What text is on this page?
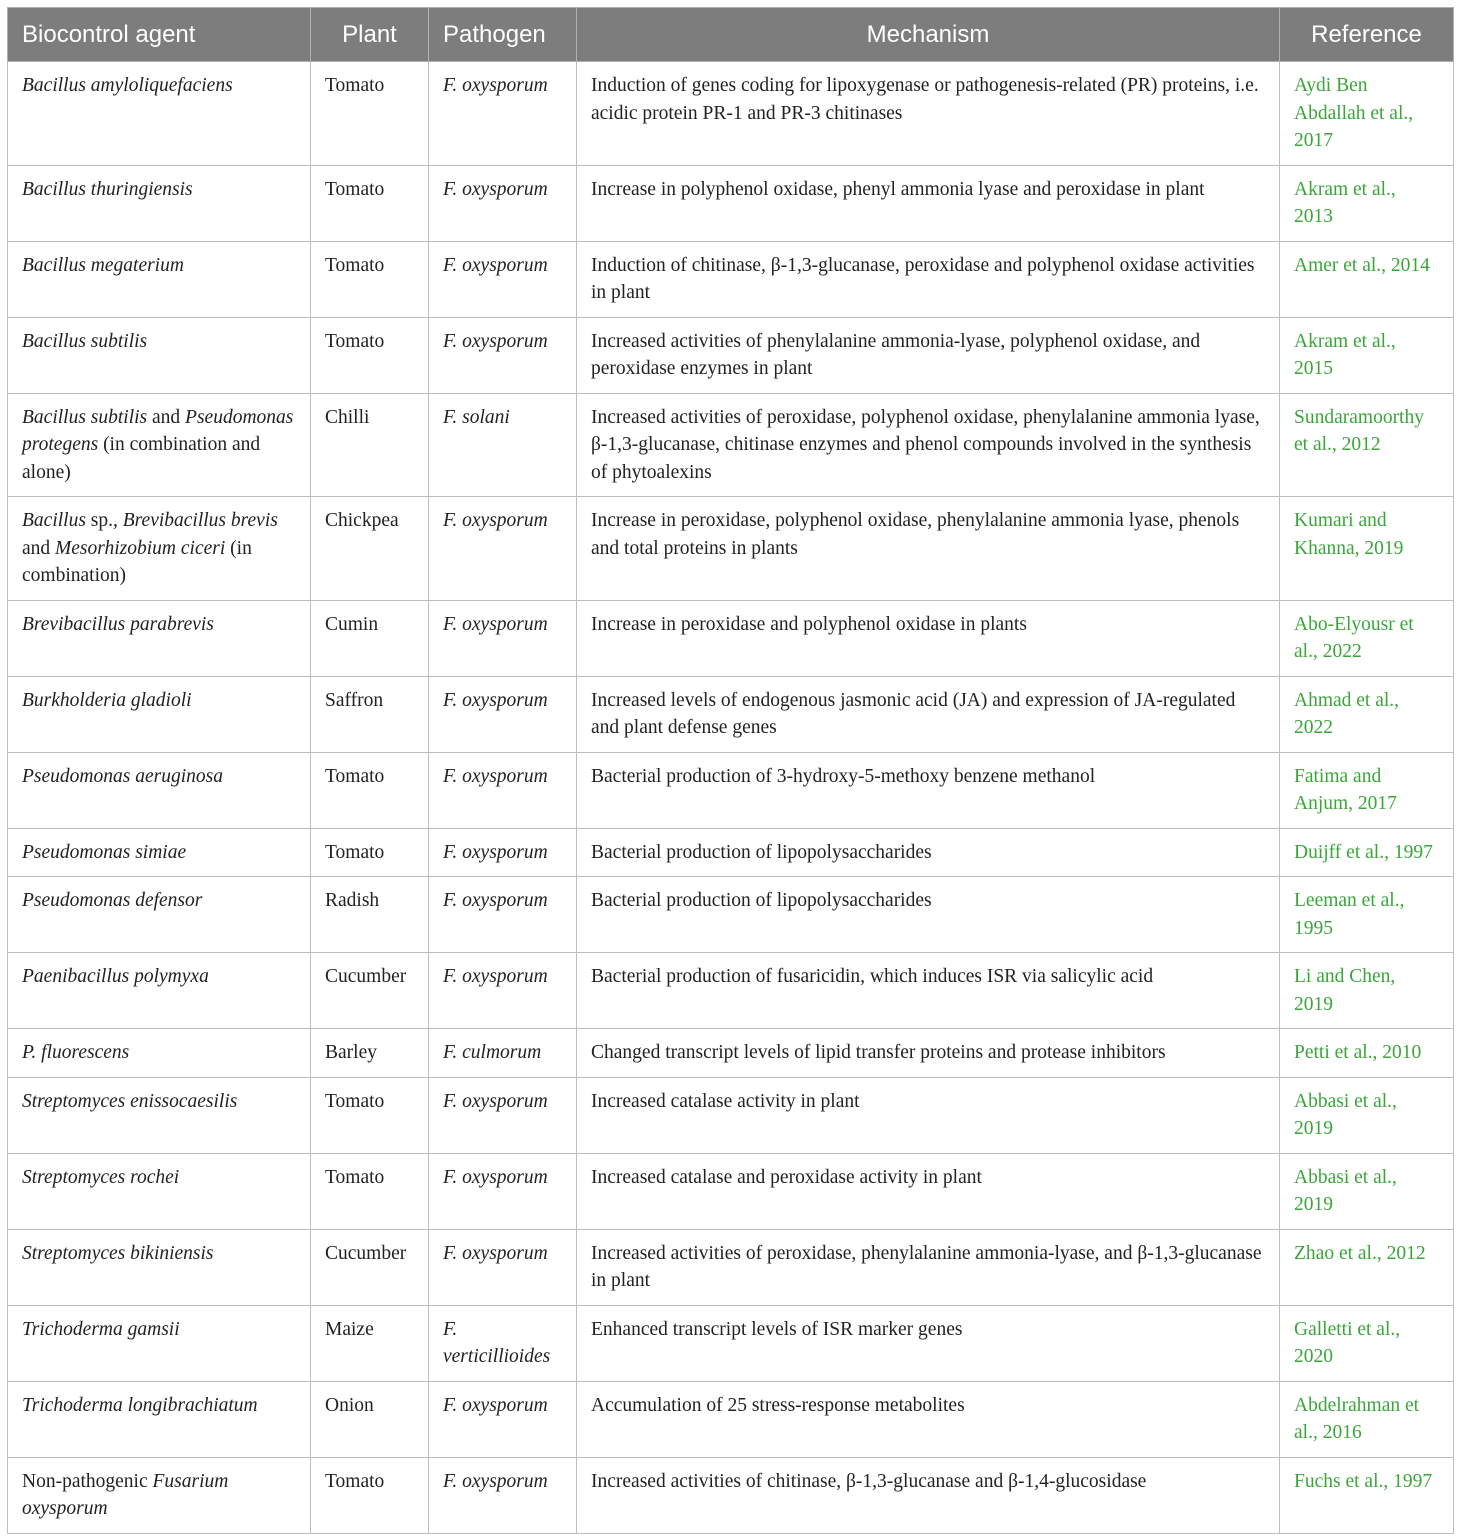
Biocontrol agent	Plant	Pathogen	Mechanism	Reference
Bacillus amyloliquefaciens	Tomato	F. oxysporum	Induction of genes coding for lipoxygenase or pathogenesis-related (PR) proteins, i.e. acidic protein PR-1 and PR-3 chitinases	Aydi Ben Abdallah et al., 2017
Bacillus thuringiensis	Tomato	F. oxysporum	Increase in polyphenol oxidase, phenyl ammonia lyase and peroxidase in plant	Akram et al., 2013
Bacillus megaterium	Tomato	F. oxysporum	Induction of chitinase, β-1,3-glucanase, peroxidase and polyphenol oxidase activities in plant	Amer et al., 2014
Bacillus subtilis	Tomato	F. oxysporum	Increased activities of phenylalanine ammonia-lyase, polyphenol oxidase, and peroxidase enzymes in plant	Akram et al., 2015
Bacillus subtilis and Pseudomonas protegens (in combination and alone)	Chilli	F. solani	Increased activities of peroxidase, polyphenol oxidase, phenylalanine ammonia lyase, β-1,3-glucanase, chitinase enzymes and phenol compounds involved in the synthesis of phytoalexins	Sundaramoorthy et al., 2012
Bacillus sp., Brevibacillus brevis and Mesorhizobium ciceri (in combination)	Chickpea	F. oxysporum	Increase in peroxidase, polyphenol oxidase, phenylalanine ammonia lyase, phenols and total proteins in plants	Kumari and Khanna, 2019
Brevibacillus parabrevis	Cumin	F. oxysporum	Increase in peroxidase and polyphenol oxidase in plants	Abo-Elyousr et al., 2022
Burkholderia gladioli	Saffron	F. oxysporum	Increased levels of endogenous jasmonic acid (JA) and expression of JA-regulated and plant defense genes	Ahmad et al., 2022
Pseudomonas aeruginosa	Tomato	F. oxysporum	Bacterial production of 3-hydroxy-5-methoxy benzene methanol	Fatima and Anjum, 2017
Pseudomonas simiae	Tomato	F. oxysporum	Bacterial production of lipopolysaccharides	Duijff et al., 1997
Pseudomonas defensor	Radish	F. oxysporum	Bacterial production of lipopolysaccharides	Leeman et al., 1995
Paenibacillus polymyxa	Cucumber	F. oxysporum	Bacterial production of fusaricidin, which induces ISR via salicylic acid	Li and Chen, 2019
P. fluorescens	Barley	F. culmorum	Changed transcript levels of lipid transfer proteins and protease inhibitors	Petti et al., 2010
Streptomyces enissocaesilis	Tomato	F. oxysporum	Increased catalase activity in plant	Abbasi et al., 2019
Streptomyces rochei	Tomato	F. oxysporum	Increased catalase and peroxidase activity in plant	Abbasi et al., 2019
Streptomyces bikiniensis	Cucumber	F. oxysporum	Increased activities of peroxidase, phenylalanine ammonia-lyase, and β-1,3-glucanase in plant	Zhao et al., 2012
Trichoderma gamsii	Maize	F. verticillioides	Enhanced transcript levels of ISR marker genes	Galletti et al., 2020
Trichoderma longibrachiatum	Onion	F. oxysporum	Accumulation of 25 stress-response metabolites	Abdelrahman et al., 2016
Non-pathogenic Fusarium oxysporum	Tomato	F. oxysporum	Increased activities of chitinase, β-1,3-glucanase and β-1,4-glucosidase	Fuchs et al., 1997
